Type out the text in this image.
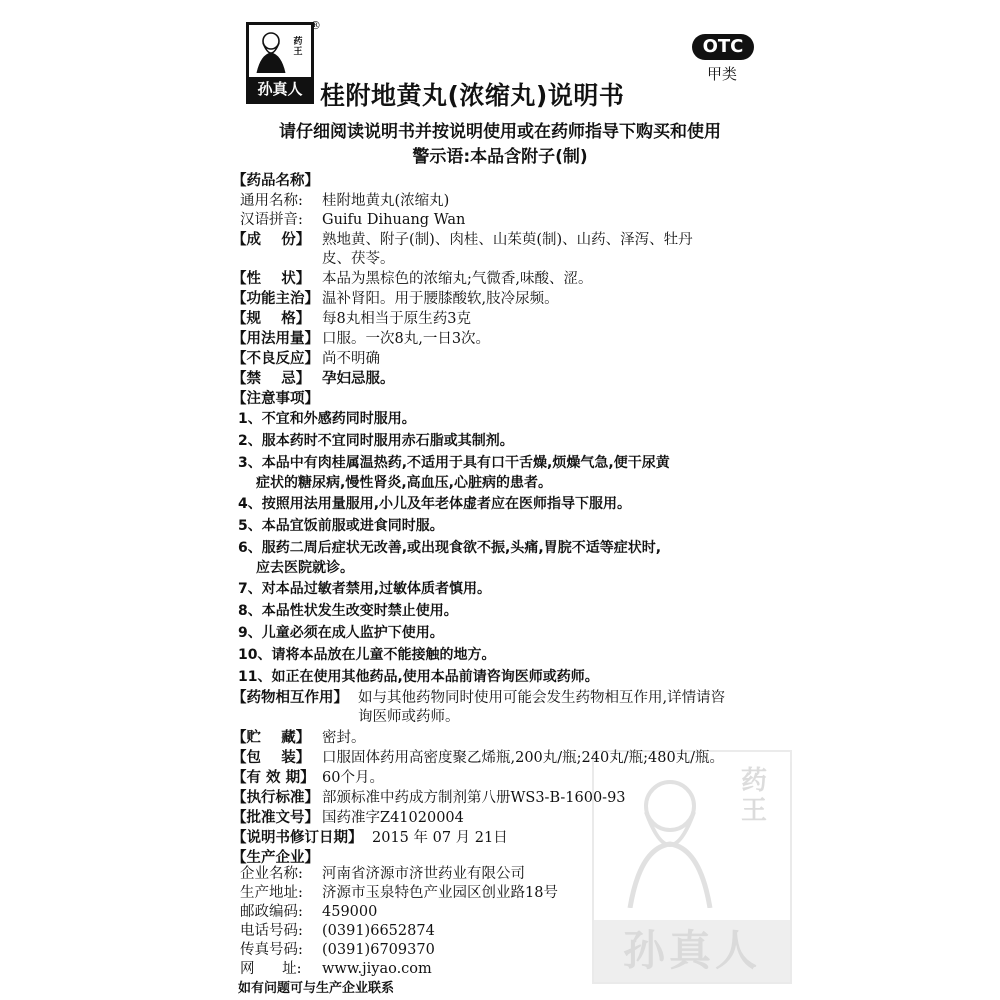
药王
孙真人
药王
孙真人
®
OTC
甲类
桂附地黄丸(浓缩丸)说明书
请仔细阅读说明书并按说明使用或在药师指导下购买和使用
警示语:本品含附子(制)
【药品名称】
通用名称: 桂附地黄丸(浓缩丸)
汉语拼音: Guifu Dihuang Wan
【成    份】 熟地黄、附子(制)、肉桂、山茱萸(制)、山药、泽泻、牡丹
皮、茯苓。
【性    状】 本品为黑棕色的浓缩丸;气微香,味酸、涩。
【功能主治】 温补肾阳。用于腰膝酸软,肢冷尿频。
【规    格】 每8丸相当于原生药3克
【用法用量】 口服。一次8丸,一日3次。
【不良反应】 尚不明确
【禁    忌】 孕妇忌服。
【注意事项】
1、不宜和外感药同时服用。
2、服本药时不宜同时服用赤石脂或其制剂。
3、本品中有肉桂属温热药,不适用于具有口干舌燥,烦燥气急,便干尿黄
症状的糖尿病,慢性肾炎,高血压,心脏病的患者。
4、按照用法用量服用,小儿及年老体虚者应在医师指导下服用。
5、本品宜饭前服或进食同时服。
6、服药二周后症状无改善,或出现食欲不振,头痛,胃脘不适等症状时,
应去医院就诊。
7、对本品过敏者禁用,过敏体质者慎用。
8、本品性状发生改变时禁止使用。
9、儿童必须在成人监护下使用。
10、请将本品放在儿童不能接触的地方。
11、如正在使用其他药品,使用本品前请咨询医师或药师。
【药物相互作用】 如与其他药物同时使用可能会发生药物相互作用,详情请咨
询医师或药师。
【贮    藏】 密封。
【包    装】 口服固体药用高密度聚乙烯瓶,200丸/瓶;240丸/瓶;480丸/瓶。
【有 效 期】 60个月。
【执行标准】 部颁标准中药成方制剂第八册WS3-B-1600-93
【批准文号】 国药准字Z41020004
【说明书修订日期】 2015 年 07 月 21日
【生产企业】
企业名称: 河南省济源市济世药业有限公司
生产地址: 济源市玉泉特色产业园区创业路18号
邮政编码: 459000
电话号码: (0391)6652874
传真号码: (0391)6709370
网      址: www.jiyao.com
如有问题可与生产企业联系
